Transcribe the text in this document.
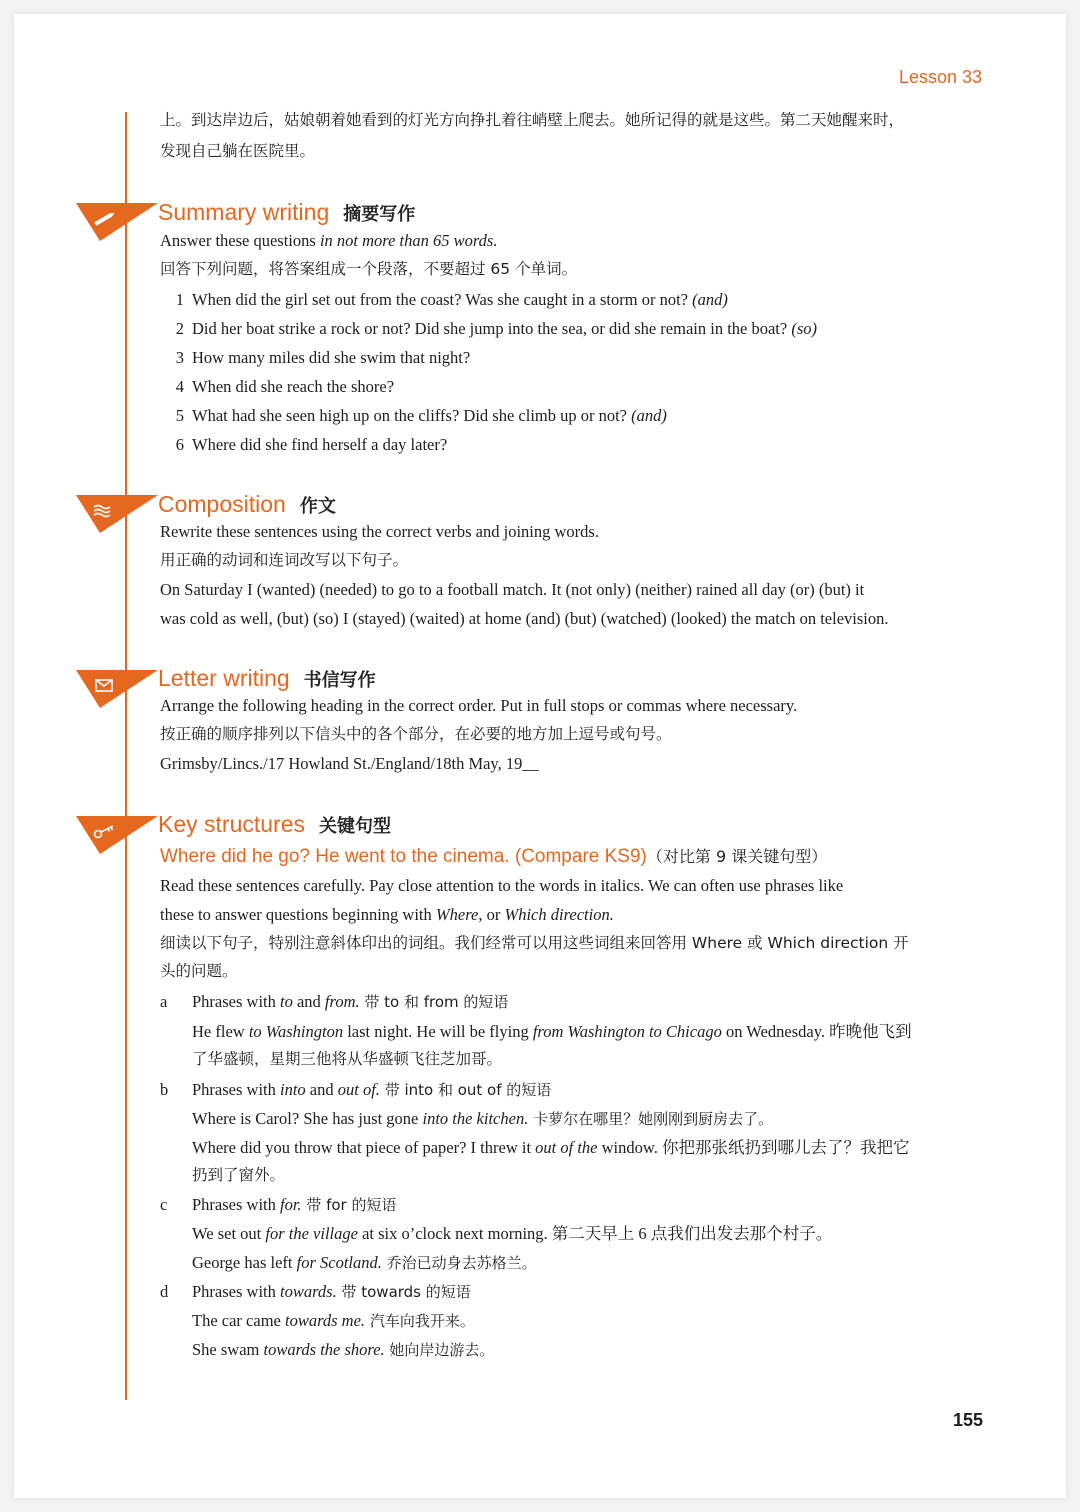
Lesson 33
上。到达岸边后，姑娘朝着她看到的灯光方向挣扎着往峭壁上爬去。她所记得的就是这些。第二天她醒来时，
发现自己躺在医院里。
Summary writing 摘要写作
Answer these questions in not more than 65 words.
回答下列问题，将答案组成一个段落，不要超过 65 个单词。
1 When did the girl set out from the coast? Was she caught in a storm or not? (and)
2 Did her boat strike a rock or not? Did she jump into the sea, or did she remain in the boat? (so)
3 How many miles did she swim that night?
4 When did she reach the shore?
5 What had she seen high up on the cliffs? Did she climb up or not? (and)
6 Where did she find herself a day later?
Composition 作文
Rewrite these sentences using the correct verbs and joining words.
用正确的动词和连词改写以下句子。
On Saturday I (wanted) (needed) to go to a football match. It (not only) (neither) rained all day (or) (but) it
was cold as well, (but) (so) I (stayed) (waited) at home (and) (but) (watched) (looked) the match on television.
Letter writing 书信写作
Arrange the following heading in the correct order. Put in full stops or commas where necessary.
按正确的顺序排列以下信头中的各个部分，在必要的地方加上逗号或句号。
Grimsby/Lincs./17 Howland St./England/18th May, 19__
Key structures 关键句型
Where did he go? He went to the cinema. (Compare KS9)（对比第 9 课关键句型）
Read these sentences carefully. Pay close attention to the words in italics. We can often use phrases like
these to answer questions beginning with Where, or Which direction.
细读以下句子，特别注意斜体印出的词组。我们经常可以用这些词组来回答用 Where 或 Which direction 开
头的问题。
a Phrases with to and from. 带 to 和 from 的短语
He flew to Washington last night. He will be flying from Washington to Chicago on Wednesday. 昨晚他飞到
了华盛顿，星期三他将从华盛顿飞往芝加哥。
b Phrases with into and out of. 带 into 和 out of 的短语
Where is Carol? She has just gone into the kitchen. 卡萝尔在哪里？她刚刚到厨房去了。
Where did you throw that piece of paper? I threw it out of the window. 你把那张纸扔到哪儿去了？我把它
扔到了窗外。
c Phrases with for. 带 for 的短语
We set out for the village at six o’clock next morning. 第二天早上 6 点我们出发去那个村子。
George has left for Scotland. 乔治已动身去苏格兰。
d Phrases with towards. 带 towards 的短语
The car came towards me. 汽车向我开来。
She swam towards the shore. 她向岸边游去。
155
